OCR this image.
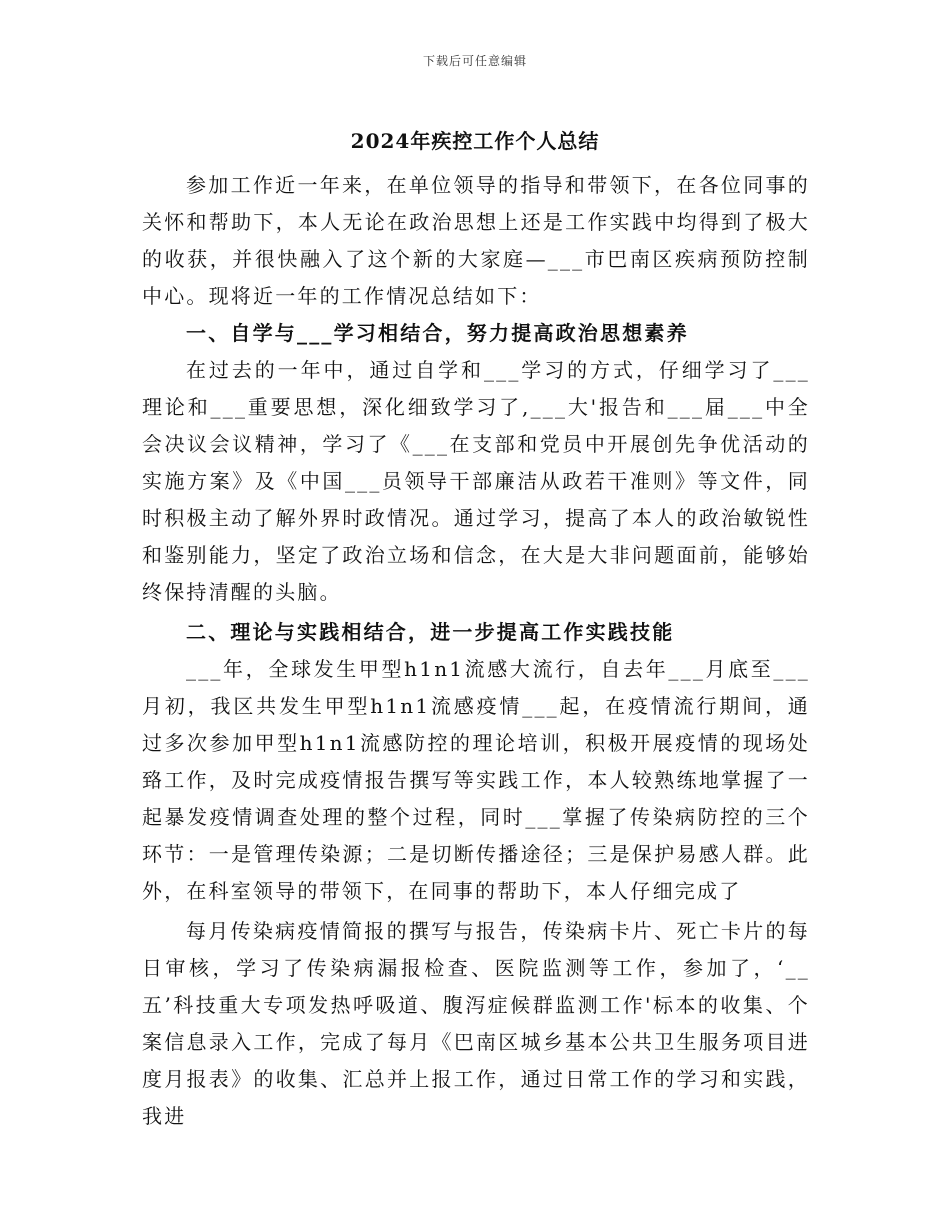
下载后可任意编辑
2024年疾控工作个人总结

参加工作近一年来，在单位领导的指导和带领下，在各位同事的关怀和帮助下，本人无论在政治思想上还是工作实践中均得到了极大的收获，并很快融入了这个新的大家庭—___市巴南区疾病预防控制中心。现将近一年的工作情况总结如下：

一、自学与___学习相结合，努力提高政治思想素养

在过去的一年中，通过自学和___学习的方式，仔细学习了___理论和___重要思想，深化细致学习了,___大'报告和___届___中全会决议会议精神，学习了《___在支部和党员中开展创先争优活动的实施方案》及《中国___员领导干部廉洁从政若干准则》等文件，同时积极主动了解外界时政情况。通过学习，提高了本人的政治敏锐性和鉴别能力，坚定了政治立场和信念，在大是大非问题面前，能够始终保持清醒的头脑。

二、理论与实践相结合，进一步提高工作实践技能

___年，全球发生甲型h1n1流感大流行，自去年___月底至___月初，我区共发生甲型h1n1流感疫情___起，在疫情流行期间，通过多次参加甲型h1n1流感防控的理论培训，积极开展疫情的现场处臵工作，及时完成疫情报告撰写等实践工作，本人较熟练地掌握了一起暴发疫情调查处理的整个过程，同时___掌握了传染病防控的三个环节：一是管理传染源；二是切断传播途径；三是保护易感人群。此外，在科室领导的带领下，在同事的帮助下，本人仔细完成了

每月传染病疫情简报的撰写与报告，传染病卡片、死亡卡片的每日审核，学习了传染病漏报检查、医院监测等工作，参加了，‘__五’科技重大专项发热呼吸道、腹泻症候群监测工作'标本的收集、个案信息录入工作，完成了每月《巴南区城乡基本公共卫生服务项目进度月报表》的收集、汇总并上报工作，通过日常工作的学习和实践，我进
